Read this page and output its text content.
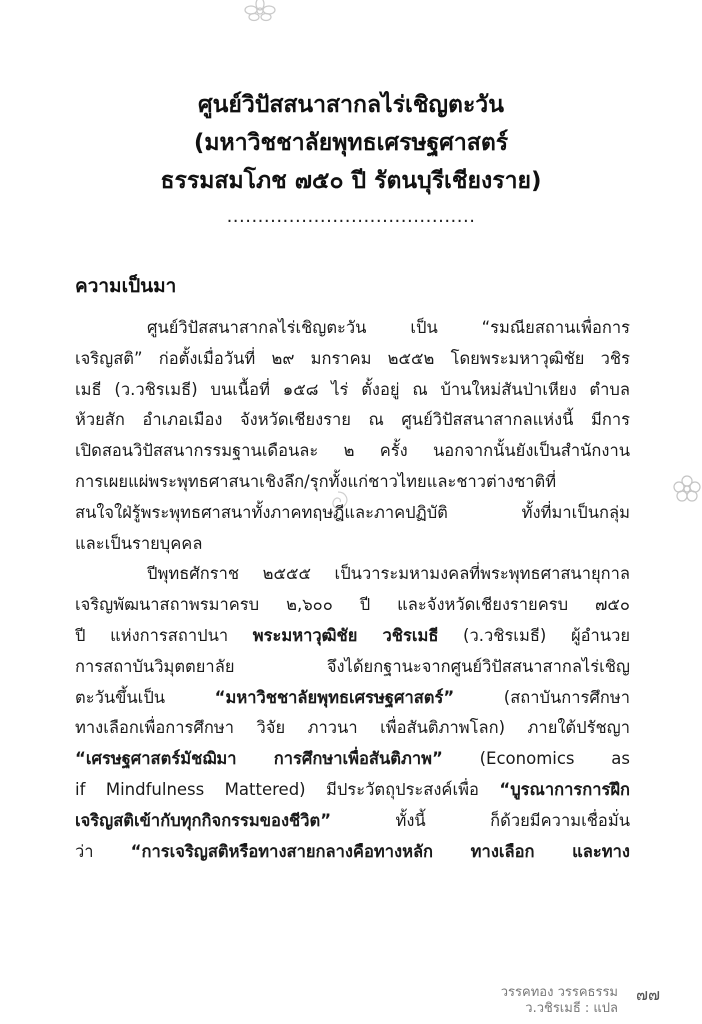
ศูนย์วิปัสสนาสากลไร่เชิญตะวัน
(มหาวิชชาลัยพุทธเศรษฐศาสตร์
ธรรมสมโภช ๗๕๐ ปี รัตนบุรีเชียงราย)
........................................
ความเป็นมา
ศูนย์วิปัสสนาสากลไร่เชิญตะวัน เป็น “รมณียสถานเพื่อการ
เจริญสติ” ก่อตั้งเมื่อวันที่ ๒๙ มกราคม ๒๕๕๒ โดยพระมหาวุฒิชัย วชิร
เมธี (ว.วชิรเมธี) บนเนื้อที่ ๑๕๘ ไร่ ตั้งอยู่ ณ บ้านใหม่สันป่าเหียง ตำบล
ห้วยสัก อำเภอเมือง จังหวัดเชียงราย ณ ศูนย์วิปัสสนาสากลแห่งนี้ มีการ
เปิดสอนวิปัสสนากรรมฐานเดือนละ ๒ ครั้ง นอกจากนั้นยังเป็นสำนักงาน
การเผยแผ่พระพุทธศาสนาเชิงลึก/รุกทั้งแก่ชาวไทยและชาวต่างชาติที่
สนใจใฝ่รู้พระพุทธศาสนาทั้งภาคทฤษฎีและภาคปฏิบัติ ทั้งที่มาเป็นกลุ่ม
และเป็นรายบุคคล
ปีพุทธศักราช ๒๕๕๕ เป็นวาระมหามงคลที่พระพุทธศาสนายุกาล
เจริญพัฒนาสถาพรมาครบ ๒,๖๐๐ ปี และจังหวัดเชียงรายครบ ๗๕๐
ปี แห่งการสถาปนา พระมหาวุฒิชัย วชิรเมธี (ว.วชิรเมธี) ผู้อำนวย
การสถาบันวิมุตตยาลัย จึงได้ยกฐานะจากศูนย์วิปัสสนาสากลไร่เชิญ
ตะวันขึ้นเป็น “มหาวิชชาลัยพุทธเศรษฐศาสตร์” (สถาบันการศึกษา
ทางเลือกเพื่อการศึกษา วิจัย ภาวนา เพื่อสันติภาพโลก) ภายใต้ปรัชญา
“เศรษฐศาสตร์มัชฌิมา การศึกษาเพื่อสันติภาพ” (Economics as
if Mindfulness Mattered) มีประวัตถุประสงค์เพื่อ “บูรณาการการฝึก
เจริญสติเข้ากับทุกกิจกรรมของชีวิต” ทั้งนี้ ก็ด้วยมีความเชื่อมั่น
ว่า “การเจริญสติหรือทางสายกลางคือทางหลัก ทางเลือก และทาง
วรรคทอง วรรคธรรม
ว.วชิรเมธี : แปล
๗๗
